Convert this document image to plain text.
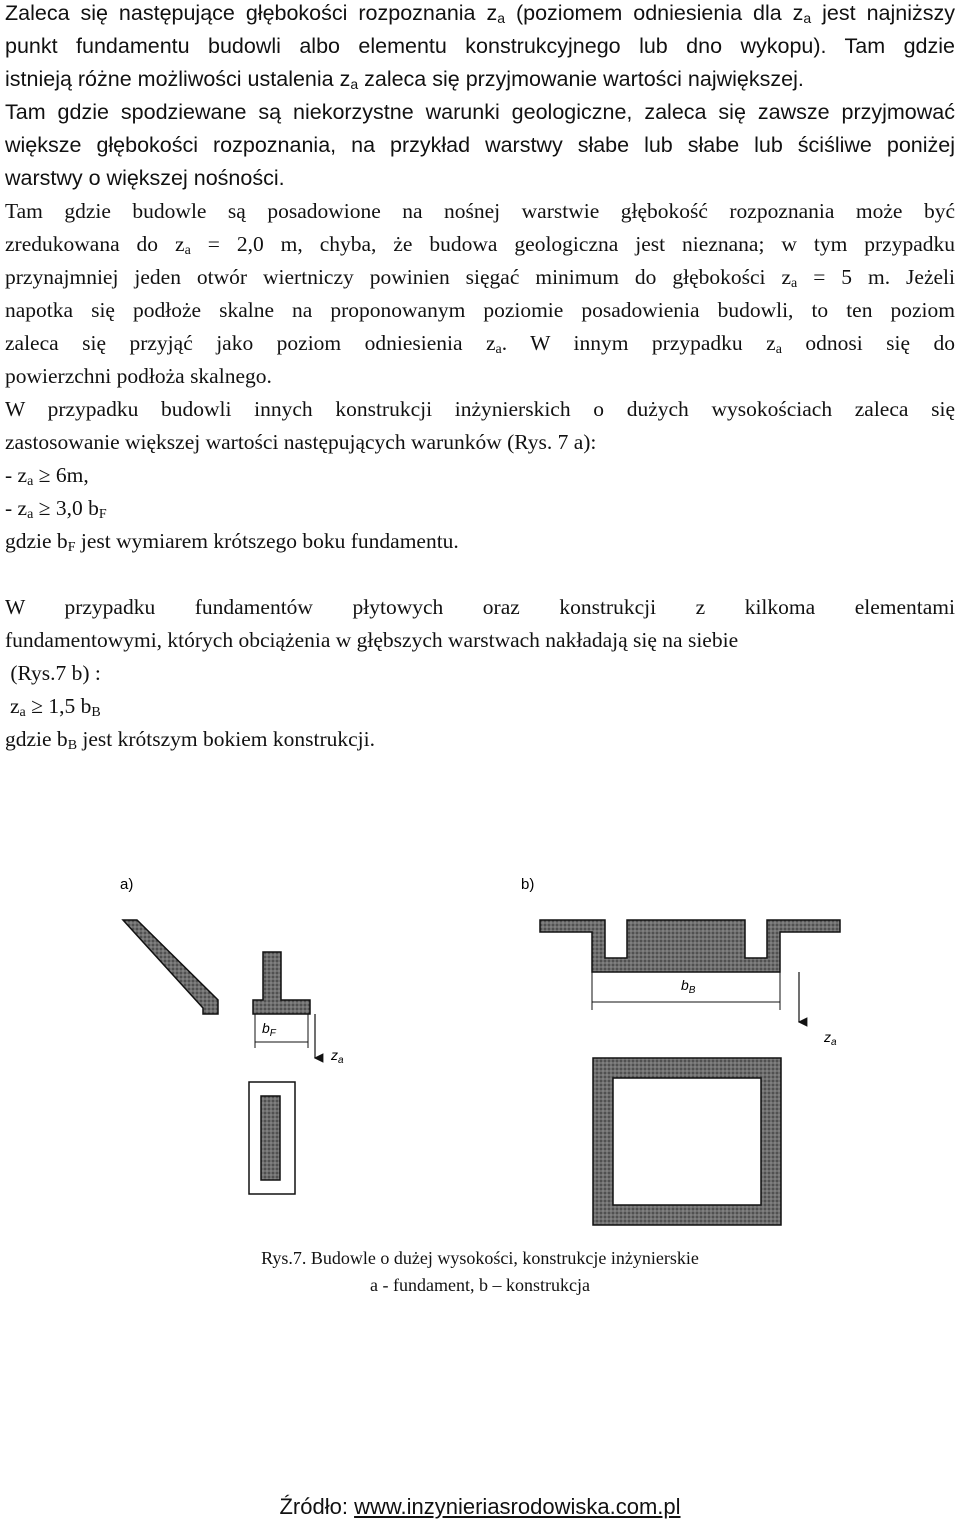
Zaleca się następujące głębokości rozpoznania $z_a$ (poziomem odniesienia dla $z_a$ jest najniższy
punkt fundamentu budowli albo elementu konstrukcyjnego lub dno wykopu). Tam gdzie
istnieją różne możliwości ustalenia $z_a$ zaleca się przyjmowanie wartości największej.
Tam gdzie spodziewane są niekorzystne warunki geologiczne, zaleca się zawsze przyjmować
większe głębokości rozpoznania, na przykład warstwy słabe lub słabe lub ściśliwe poniżej
warstwy o większej nośności.
Tam gdzie budowle są posadowione na nośnej warstwie głębokość rozpoznania może być
zredukowana do $z_a = 2,0$ m, chyba, że budowa geologiczna jest nieznana; w tym przypadku
przynajmniej jeden otwór wiertniczy powinien sięgać minimum do głębokości $z_a = 5$ m. Jeżeli
napotka się podłoże skalne na proponowanym poziomie posadowienia budowli, to ten poziom
zaleca się przyjąć jako poziom odniesienia $z_a$. W innym przypadku $z_a$ odnosi się do
powierzchni podłoża skalnego.
W przypadku budowli innych konstrukcji inżynierskich o dużych wysokościach zaleca się
zastosowanie większej wartości następujących warunków (Rys. 7 a):
- $z_a \ge 6m$,
- $z_a \ge 3,0$ $b_F$
gdzie $b_F$ jest wymiarem krótszego boku fundamentu.
W przypadku fundamentów płytowych oraz konstrukcji z kilkoma elementami
fundamentowymi, których obciążenia w głębszych warstwach nakładają się na siebie
(Rys.7 b) :
$z_a \ge 1,5$ $b_B$
gdzie $b_B$ jest krótszym bokiem konstrukcji.
a)
$b_F$
$z_a$
b)
$b_B$
$z_a$
Rys.7. Budowle o dużej wysokości, konstrukcje inżynierskie
a - fundament, b – konstrukcja
Źródło: www.inzynieriasrodowiska.com.pl
